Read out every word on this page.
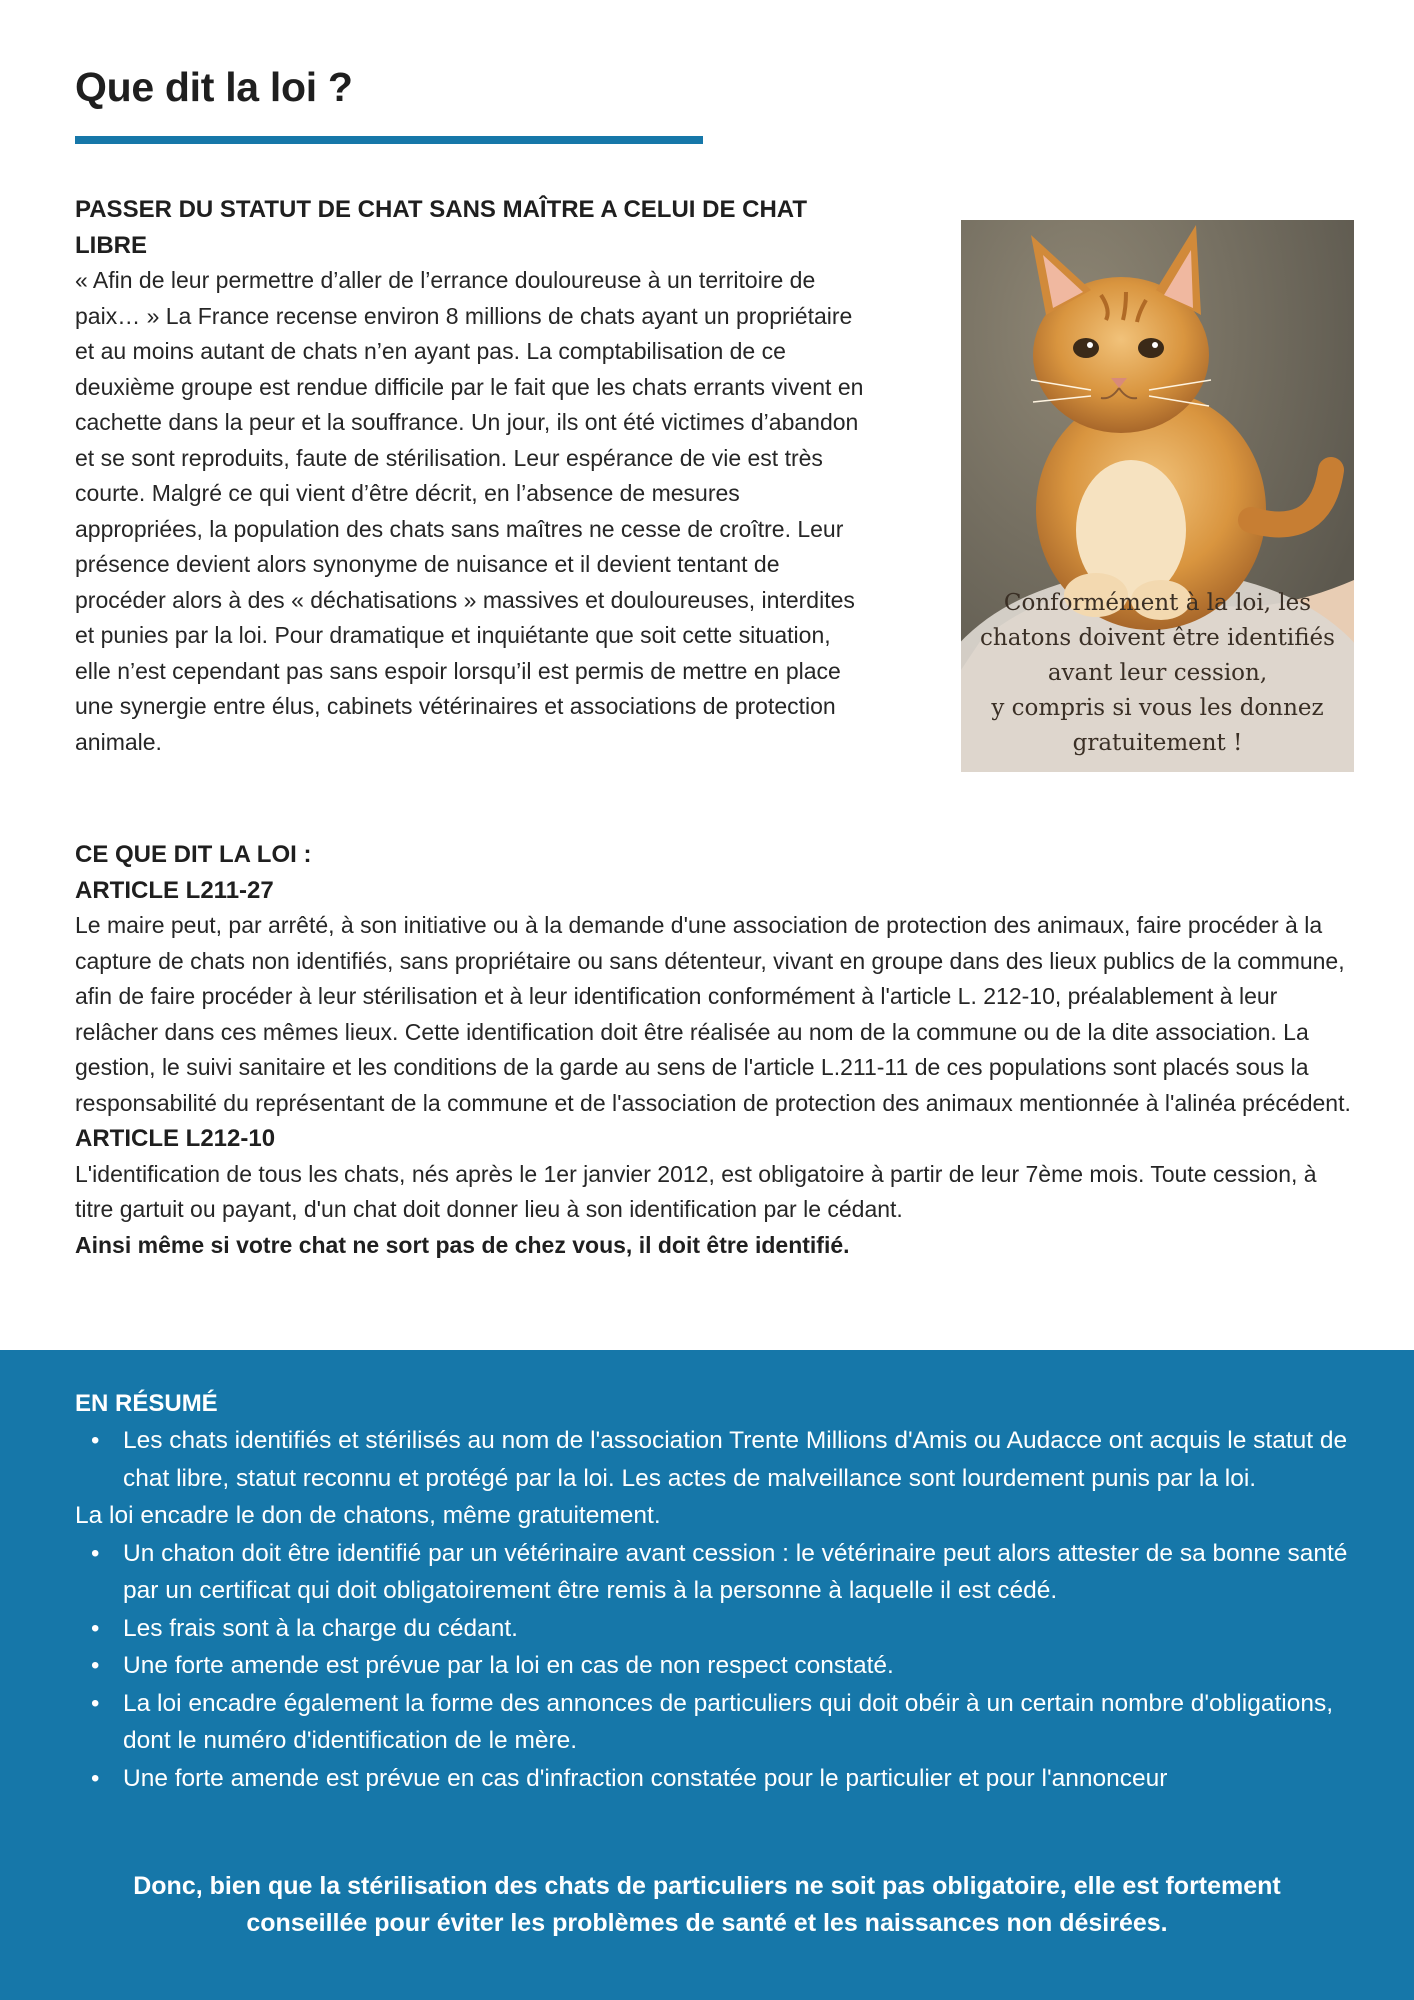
Que dit la loi ?

PASSER DU STATUT DE CHAT SANS MAÎTRE A CELUI DE CHAT LIBRE

« Afin de leur permettre d’aller de l’errance douloureuse à un territoire de paix… » La France recense environ 8 millions de chats ayant un propriétaire et au moins autant de chats n’en ayant pas. La comptabilisation de ce deuxième groupe est rendue difficile par le fait que les chats errants vivent en cachette dans la peur et la souffrance. Un jour, ils ont été victimes d’abandon et se sont reproduits, faute de stérilisation. Leur espérance de vie est très courte. Malgré ce qui vient d’être décrit, en l’absence de mesures appropriées, la population des chats sans maîtres ne cesse de croître. Leur présence devient alors synonyme de nuisance et il devient tentant de procéder alors à des « déchatisations » massives et douloureuses, interdites et punies par la loi. Pour dramatique et inquiétante que soit cette situation, elle n’est cependant pas sans espoir lorsqu’il est permis de mettre en place une synergie entre élus, cabinets vétérinaires et associations de protection animale.

Conformément à la loi, les
chatons doivent être identifiés
avant leur cession,
y compris si vous les donnez
gratuitement !

CE QUE DIT LA LOI :

ARTICLE L211-27

Le maire peut, par arrêté, à son initiative ou à la demande d'une association de protection des animaux, faire procéder à la capture de chats non identifiés, sans propriétaire ou sans détenteur, vivant en groupe dans des lieux publics de la commune, afin de faire procéder à leur stérilisation et à leur identification conformément à l'article L. 212-10, préalablement à leur relâcher dans ces mêmes lieux. Cette identification doit être réalisée au nom de la commune ou de la dite association. La gestion, le suivi sanitaire et les conditions de la garde au sens de l'article L.211-11 de ces populations sont placés sous la responsabilité du représentant de la commune et de l'association de protection des animaux mentionnée à l'alinéa précédent.

ARTICLE L212-10

L'identification de tous les chats, nés après le 1er janvier 2012, est obligatoire à partir de leur 7ème mois. Toute cession, à titre gartuit ou payant, d'un chat doit donner lieu à son identification par le cédant.

Ainsi même si votre chat ne sort pas de chez vous, il doit être identifié.

EN RÉSUMÉ

• Les chats identifiés et stérilisés au nom de l'association Trente Millions d'Amis ou Audacce ont acquis le statut de chat libre, statut reconnu et protégé par la loi. Les actes de malveillance sont lourdement punis par la loi.

La loi encadre le don de chatons, même gratuitement.

• Un chaton doit être identifié par un vétérinaire avant cession : le vétérinaire peut alors attester de sa bonne santé par un certificat qui doit obligatoirement être remis à la personne à laquelle il est cédé.
• Les frais sont à la charge du cédant.
• Une forte amende est prévue par la loi en cas de non respect constaté.
• La loi encadre également la forme des annonces de particuliers qui doit obéir à un certain nombre d'obligations, dont le numéro d'identification de le mère.
• Une forte amende est prévue en cas d'infraction constatée pour le particulier et pour l'annonceur

Donc, bien que la stérilisation des chats de particuliers ne soit pas obligatoire, elle est fortement conseillée pour éviter les problèmes de santé et les naissances non désirées.
